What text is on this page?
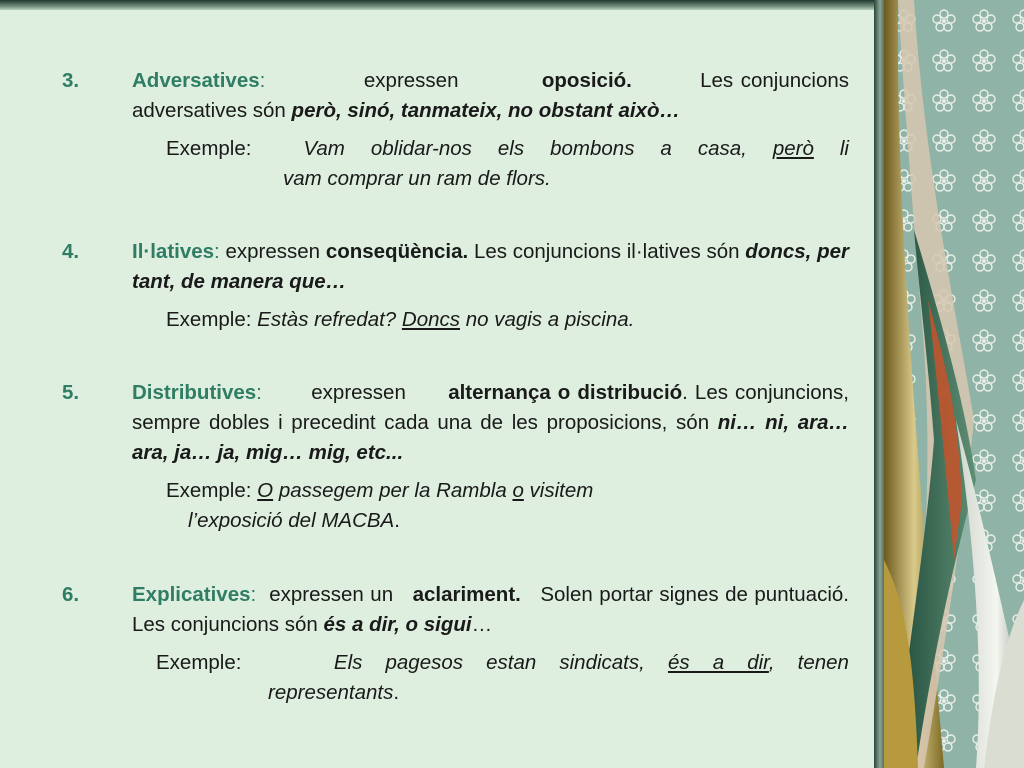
3.	Adversatives:	expressen	oposició.	Les conjuncions adversatives són però, sinó, tanmateix, no obstant això…
Exemple:	Vam oblidar-nos els bombons a casa, però li
vam comprar un ram de flors.
4.	Il·latives: expressen conseqüència. Les conjuncions il·latives són doncs, per tant, de manera que…
Exemple: Estàs refredat? Doncs no vagis a piscina.
5.	Distributives: expressen alternança o distribució. Les conjuncions, sempre dobles i precedint cada una de les proposicions, són ni… ni, ara… ara, ja… ja, mig… mig, etc...
Exemple: O passegem per la Rambla o visitem
l’exposició del MACBA.
6.	Explicatives: expressen un aclariment. Solen portar signes de puntuació. Les conjuncions són és a dir, o sigui…
Exemple:	Els pagesos estan sindicats, és a dir, tenen
representants.
